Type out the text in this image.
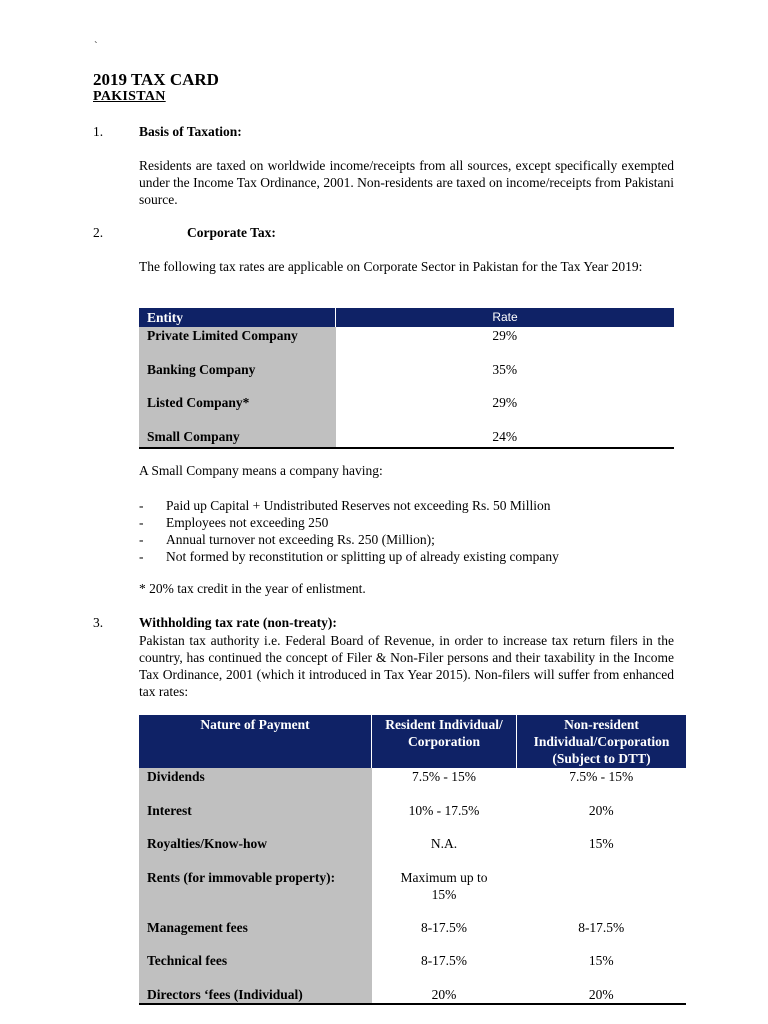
`
2019 TAX CARD
PAKISTAN
1.	Basis of Taxation:
Residents are taxed on worldwide income/receipts from all sources, except specifically exempted under the Income Tax Ordinance, 2001. Non-residents are taxed on income/receipts from Pakistani source.
2.	Corporate Tax:
The following tax rates are applicable on Corporate Sector in Pakistan for the Tax Year 2019:
Entity	Rate
Private Limited Company	29%
Banking Company	35%
Listed Company*	29%
Small Company	24%
A Small Company means a company having:
- Paid up Capital + Undistributed Reserves not exceeding Rs. 50 Million
- Employees not exceeding 250
- Annual turnover not exceeding Rs. 250 (Million);
- Not formed by reconstitution or splitting up of already existing company
* 20% tax credit in the year of enlistment.
3.	Withholding tax rate (non-treaty):
Pakistan tax authority i.e. Federal Board of Revenue, in order to increase tax return filers in the country, has continued the concept of Filer & Non-Filer persons and their taxability in the Income Tax Ordinance, 2001 (which it introduced in Tax Year 2015). Non-filers will suffer from enhanced tax rates:
Nature of Payment	Resident Individual/ Corporation	Non-resident Individual/Corporation (Subject to DTT)
Dividends	7.5% - 15%	7.5% - 15%
Interest	10% - 17.5%	20%
Royalties/Know-how	N.A.	15%
Rents (for immovable property):	Maximum up to 15%	
Management fees	8-17.5%	8-17.5%
Technical fees	8-17.5%	15%
Directors ‘fees (Individual)	20%	20%
